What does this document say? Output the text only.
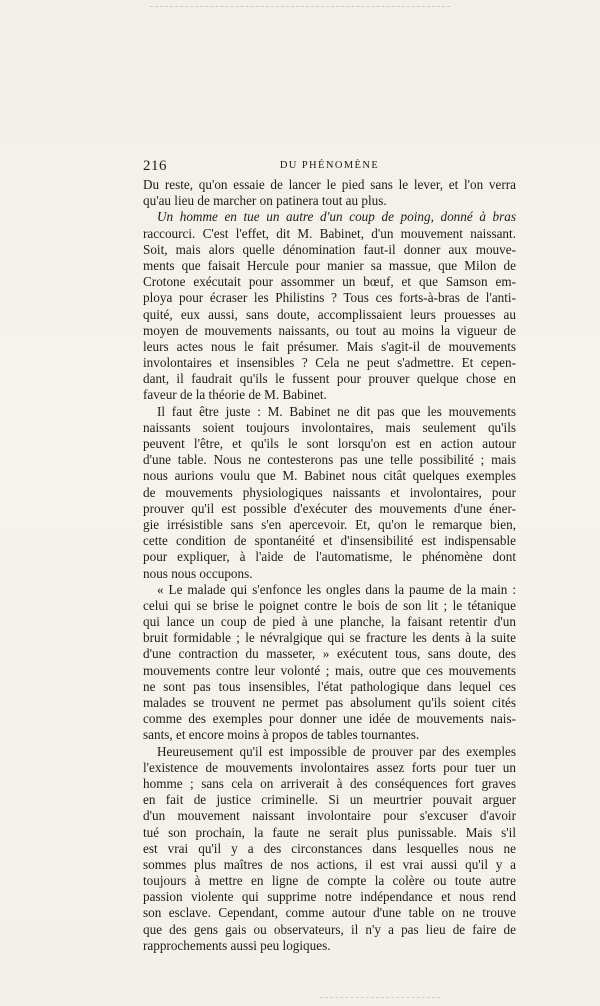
216	DU PHÉNOMÈNE

Du reste, qu'on essaie de lancer le pied sans le lever, et l'on verra
qu'au lieu de marcher on patinera tout au plus.

Un homme en tue un autre d'un coup de poing, donné à bras
raccourci. C'est l'effet, dit M. Babinet, d'un mouvement naissant.
Soit, mais alors quelle dénomination faut-il donner aux mouve-
ments que faisait Hercule pour manier sa massue, que Milon de
Crotone exécutait pour assommer un bœuf, et que Samson em-
ploya pour écraser les Philistins ? Tous ces forts-à-bras de l'anti-
quité, eux aussi, sans doute, accomplissaient leurs prouesses au
moyen de mouvements naissants, ou tout au moins la vigueur de
leurs actes nous le fait présumer. Mais s'agit-il de mouvements
involontaires et insensibles ? Cela ne peut s'admettre. Et cepen-
dant, il faudrait qu'ils le fussent pour prouver quelque chose en
faveur de la théorie de M. Babinet.

Il faut être juste : M. Babinet ne dit pas que les mouvements
naissants soient toujours involontaires, mais seulement qu'ils
peuvent l'être, et qu'ils le sont lorsqu'on est en action autour
d'une table. Nous ne contesterons pas une telle possibilité ; mais
nous aurions voulu que M. Babinet nous citât quelques exemples
de mouvements physiologiques naissants et involontaires, pour
prouver qu'il est possible d'exécuter des mouvements d'une éner-
gie irrésistible sans s'en apercevoir. Et, qu'on le remarque bien,
cette condition de spontanéité et d'insensibilité est indispensable
pour expliquer, à l'aide de l'automatisme, le phénomène dont
nous nous occupons.

« Le malade qui s'enfonce les ongles dans la paume de la main :
celui qui se brise le poignet contre le bois de son lit ; le tétanique
qui lance un coup de pied à une planche, la faisant retentir d'un
bruit formidable ; le névralgique qui se fracture les dents à la suite
d'une contraction du masseter, » exécutent tous, sans doute, des
mouvements contre leur volonté ; mais, outre que ces mouvements
ne sont pas tous insensibles, l'état pathologique dans lequel ces
malades se trouvent ne permet pas absolument qu'ils soient cités
comme des exemples pour donner une idée de mouvements nais-
sants, et encore moins à propos de tables tournantes.

Heureusement qu'il est impossible de prouver par des exemples
l'existence de mouvements involontaires assez forts pour tuer un
homme ; sans cela on arriverait à des conséquences fort graves
en fait de justice criminelle. Si un meurtrier pouvait arguer
d'un mouvement naissant involontaire pour s'excuser d'avoir
tué son prochain, la faute ne serait plus punissable. Mais s'il
est vrai qu'il y a des circonstances dans lesquelles nous ne
sommes plus maîtres de nos actions, il est vrai aussi qu'il y a
toujours à mettre en ligne de compte la colère ou toute autre
passion violente qui supprime notre indépendance et nous rend
son esclave. Cependant, comme autour d'une table on ne trouve
que des gens gais ou observateurs, il n'y a pas lieu de faire de
rapprochements aussi peu logiques.
